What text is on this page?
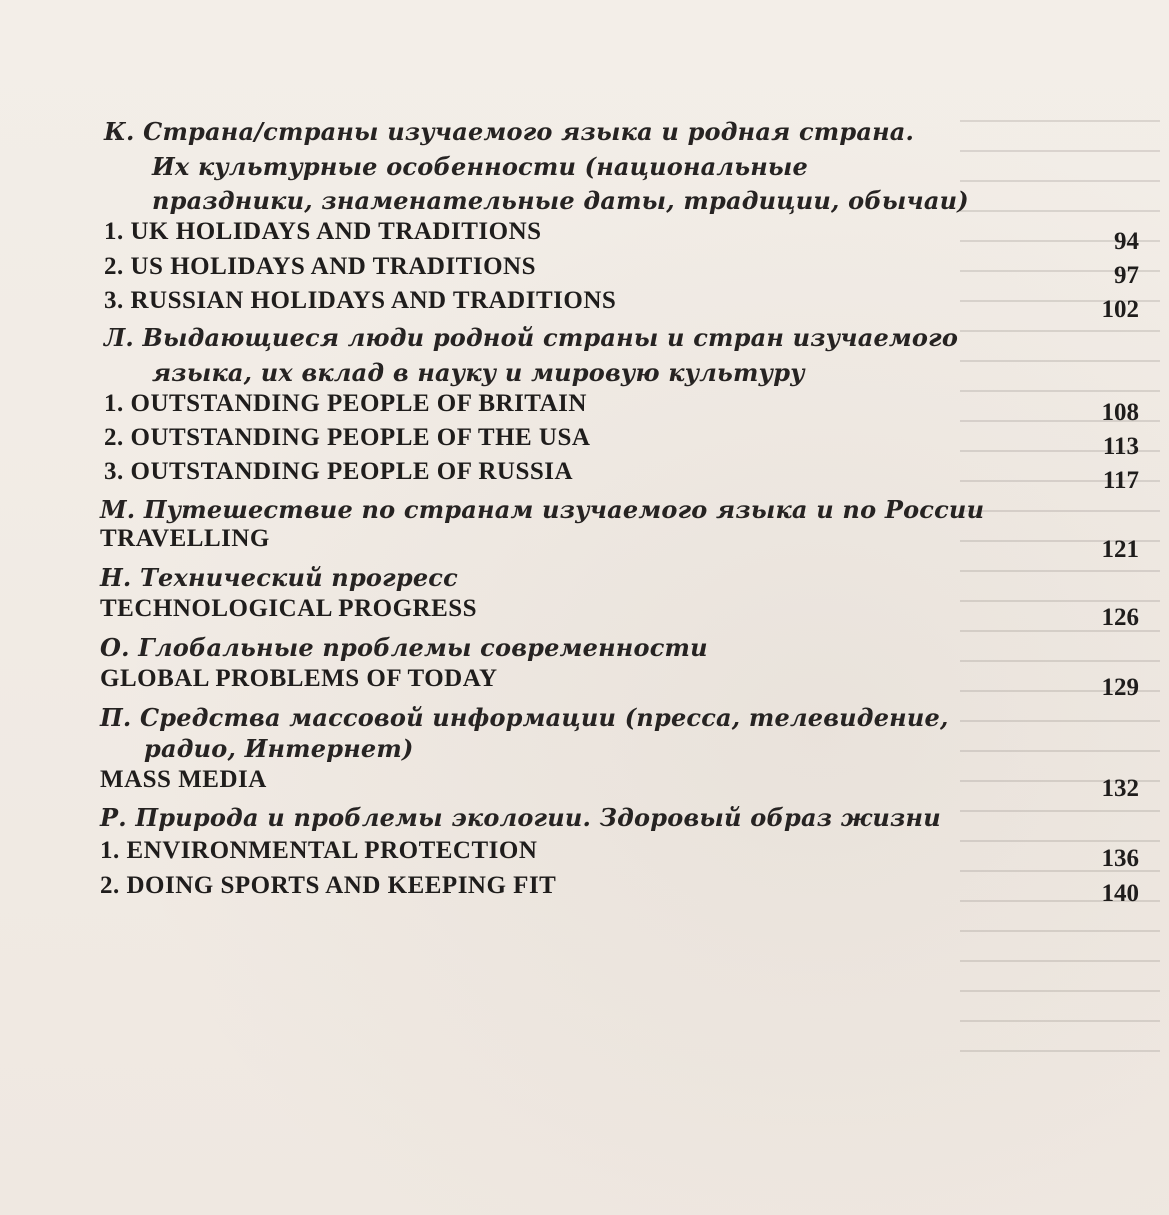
К. Страна/страны изучаемого языка и родная страна.
Их культурные особенности (национальные
праздники, знаменательные даты, традиции, обычаи)
1. UK HOLIDAYS AND TRADITIONS	94
2. US HOLIDAYS AND TRADITIONS	97
3. RUSSIAN HOLIDAYS AND TRADITIONS	102
Л. Выдающиеся люди родной страны и стран изучаемого
языка, их вклад в науку и мировую культуру
1. OUTSTANDING PEOPLE OF BRITAIN	108
2. OUTSTANDING PEOPLE OF THE USA	113
3. OUTSTANDING PEOPLE OF RUSSIA	117
М. Путешествие по странам изучаемого языка и по России
TRAVELLING	121
Н. Технический прогресс
TECHNOLOGICAL PROGRESS	126
О. Глобальные проблемы современности
GLOBAL PROBLEMS OF TODAY	129
П. Средства массовой информации (пресса, телевидение,
радио, Интернет)
MASS MEDIA	132
Р. Природа и проблемы экологии. Здоровый образ жизни
1. ENVIRONMENTAL PROTECTION	136
2. DOING SPORTS AND KEEPING FIT	140
